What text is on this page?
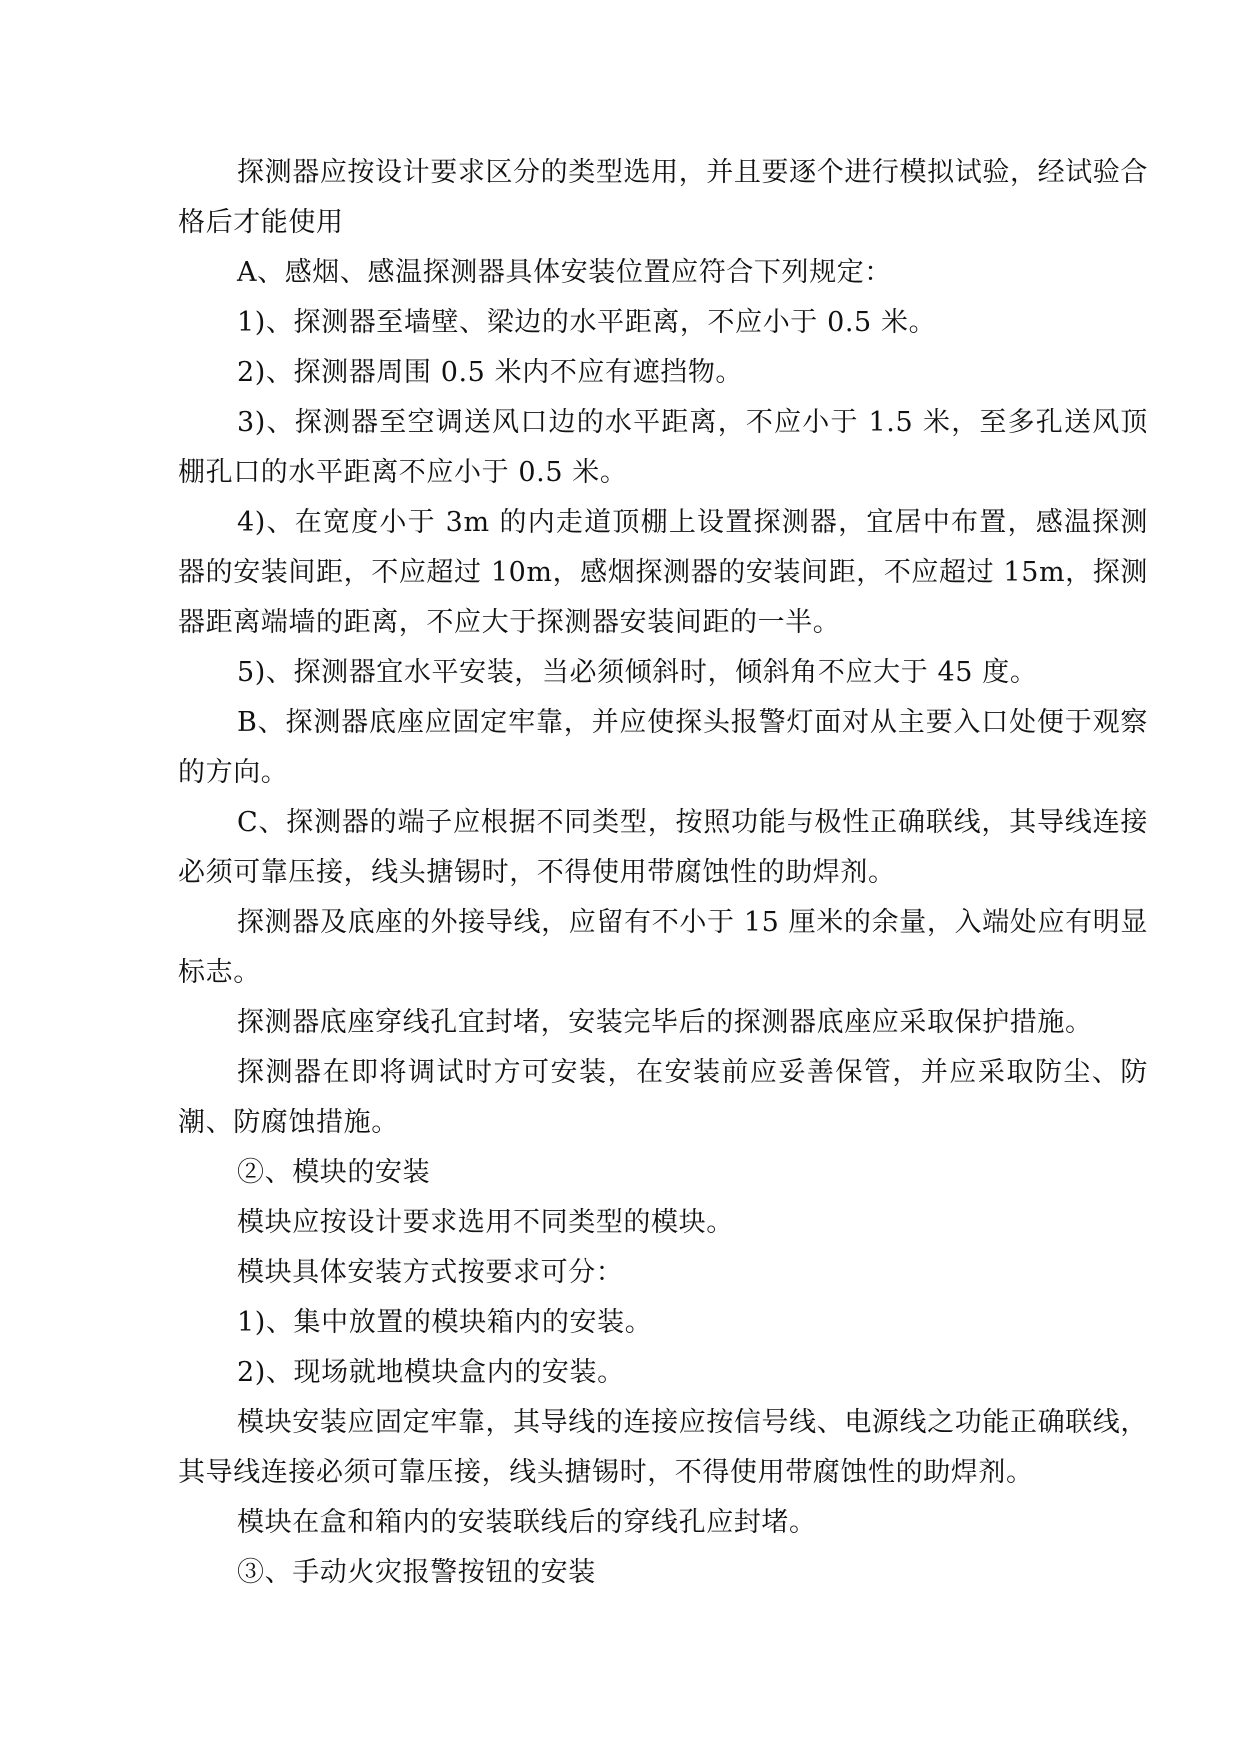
探测器应按设计要求区分的类型选用，并且要逐个进行模拟试验，经试验合格后才能使用

A、感烟、感温探测器具体安装位置应符合下列规定：

1)、探测器至墙壁、梁边的水平距离，不应小于 0.5 米。

2)、探测器周围 0.5 米内不应有遮挡物。

3)、探测器至空调送风口边的水平距离，不应小于 1.5 米，至多孔送风顶棚孔口的水平距离不应小于 0.5 米。

4)、在宽度小于 3m 的内走道顶棚上设置探测器，宜居中布置，感温探测器的安装间距，不应超过 10m，感烟探测器的安装间距，不应超过 15m，探测器距离端墙的距离，不应大于探测器安装间距的一半。

5)、探测器宜水平安装，当必须倾斜时，倾斜角不应大于 45 度。

B、探测器底座应固定牢靠，并应使探头报警灯面对从主要入口处便于观察的方向。

C、探测器的端子应根据不同类型，按照功能与极性正确联线，其导线连接必须可靠压接，线头搪锡时，不得使用带腐蚀性的助焊剂。

探测器及底座的外接导线，应留有不小于 15 厘米的余量，入端处应有明显标志。

探测器底座穿线孔宜封堵，安装完毕后的探测器底座应采取保护措施。

探测器在即将调试时方可安装，在安装前应妥善保管，并应采取防尘、防潮、防腐蚀措施。

②、模块的安装

模块应按设计要求选用不同类型的模块。

模块具体安装方式按要求可分：

1)、集中放置的模块箱内的安装。

2)、现场就地模块盒内的安装。

模块安装应固定牢靠，其导线的连接应按信号线、电源线之功能正确联线，其导线连接必须可靠压接，线头搪锡时，不得使用带腐蚀性的助焊剂。

模块在盒和箱内的安装联线后的穿线孔应封堵。

③、手动火灾报警按钮的安装
